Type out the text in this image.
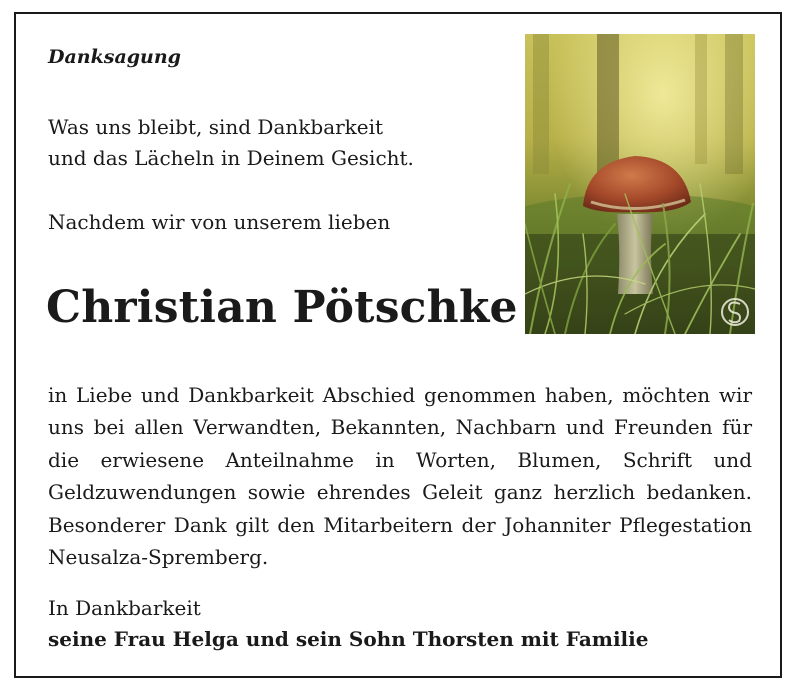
Danksagung
Was uns bleibt, sind Dankbarkeit
und das Lächeln in Deinem Gesicht.
Nachdem wir von unserem lieben
Christian Pötschke
in Liebe und Dankbarkeit Abschied genommen haben, möchten wir uns bei allen Verwandten, Bekannten, Nachbarn und Freunden für die erwiesene Anteilnahme in Worten, Blumen, Schrift und Geldzuwendungen sowie ehrendes Geleit ganz herzlich bedanken. Besonderer Dank gilt den Mitarbeitern der Johanniter Pflegestation Neusalza-Spremberg.
In Dankbarkeit
seine Frau Helga und sein Sohn Thorsten mit Familie
